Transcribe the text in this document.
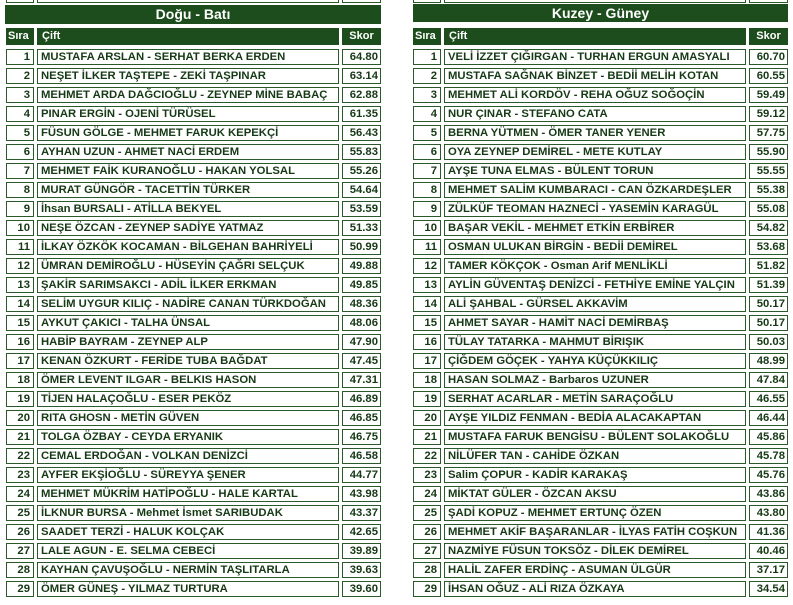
Doğu - Batı
Sıra	Çift	Skor
1 MUSTAFA ARSLAN - SERHAT BERKA ERDEN	64.80
2 NEŞET İLKER TAŞTEPE - ZEKİ TAŞPINAR	63.14
3 MEHMET ARDA DAĞCIOĞLU - ZEYNEP MİNE BABAÇ	62.88
4 PINAR ERGİN - OJENİ TÜRÜSEL	61.35
5 FÜSUN GÖLGE - MEHMET FARUK KEPEKÇİ	56.43
6 AYHAN UZUN - AHMET NACİ ERDEM	55.83
7 MEHMET FAİK KURANOĞLU - HAKAN YOLSAL	55.26
8 MURAT GÜNGÖR - TACETTİN TÜRKER	54.64
9 İhsan BURSALI - ATİLLA BEKYEL	53.59
10 NEŞE ÖZCAN - ZEYNEP SADİYE YATMAZ	51.33
11 İLKAY ÖZKÖK KOCAMAN - BİLGEHAN BAHRİYELİ	50.99
12 ÜMRAN DEMİROĞLU - HÜSEYİN ÇAĞRI SELÇUK	49.88
13 ŞAKİR SARIMSAKCI - ADİL İLKER ERKMAN	49.85
14 SELİM UYGUR KILIÇ - NADİRE CANAN TÜRKDOĞAN	48.36
15 AYKUT ÇAKICI - TALHA ÜNSAL	48.06
16 HABİP BAYRAM - ZEYNEP ALP	47.90
17 KENAN ÖZKURT - FERİDE TUBA BAĞDAT	47.45
18 ÖMER LEVENT ILGAR - BELKIS HASON	47.31
19 TİJEN HALAÇOĞLU - ESER PEKÖZ	46.89
20 RITA GHOSN - METİN GÜVEN	46.85
21 TOLGA ÖZBAY - CEYDA ERYANIK	46.75
22 CEMAL ERDOĞAN - VOLKAN DENİZCİ	46.58
23 AYFER EKŞİOĞLU - SÜREYYA ŞENER	44.77
24 MEHMET MÜKRİM HATİPOĞLU - HALE KARTAL	43.98
25 İLKNUR BURSA - Mehmet İsmet SARIBUDAK	43.37
26 SAADET TERZİ - HALUK KOLÇAK	42.65
27 LALE AGUN - E. SELMA CEBECİ	39.89
28 KAYHAN ÇAVUŞOĞLU - NERMİN TAŞLITARLA	39.63
29 ÖMER GÜNEŞ - YILMAZ TURTURA	39.60
Kuzey - Güney
Sıra	Çift	Skor
1 VELİ İZZET ÇIĞIRGAN - TURHAN ERGUN AMASYALI	60.70
2 MUSTAFA SAĞNAK BİNZET - BEDİİ MELİH KOTAN	60.55
3 MEHMET ALİ KORDÖV - REHA OĞUZ SOĞOÇİN	59.49
4 NUR ÇINAR - STEFANO CATA	59.12
5 BERNA YÜTMEN - ÖMER TANER YENER	57.75
6 OYA ZEYNEP DEMİREL - METE KUTLAY	55.90
7 AYŞE TUNA ELMAS - BÜLENT TORUN	55.55
8 MEHMET SALİM KUMBARACI - CAN ÖZKARDEŞLER	55.38
9 ZÜLKÜF TEOMAN HAZNECİ - YASEMİN KARAGÜL	55.08
10 BAŞAR VEKİL - MEHMET ETKİN ERBİRER	54.82
11 OSMAN ULUKAN BİRGİN - BEDİİ DEMİREL	53.68
12 TAMER KÖKÇOK - Osman Arif MENLİKLİ	51.82
13 AYLİN GÜVENTAŞ DENİZCİ - FETHİYE EMİNE YALÇIN	51.39
14 ALİ ŞAHBAL - GÜRSEL AKKAVİM	50.17
15 AHMET SAYAR - HAMİT NACİ DEMİRBAŞ	50.17
16 TÜLAY TATARKA - MAHMUT BİRIŞIK	50.03
17 ÇİĞDEM GÖÇEK - YAHYA KÜÇÜKKILIÇ	48.99
18 HASAN SOLMAZ - Barbaros UZUNER	47.84
19 SERHAT ACARLAR - METİN SARAÇOĞLU	46.55
20 AYŞE YILDIZ FENMAN - BEDİA ALACAKAPTAN	46.44
21 MUSTAFA FARUK BENGİSU - BÜLENT SOLAKOĞLU	45.86
22 NİLÜFER TAN - CAHİDE ÖZKAN	45.78
23 Salim ÇOPUR - KADİR KARAKAŞ	45.76
24 MİKTAT GÜLER - ÖZCAN AKSU	43.86
25 ŞADİ KOPUZ - MEHMET ERTUNÇ ÖZEN	43.80
26 MEHMET AKİF BAŞARANLAR - İLYAS FATİH COŞKUN	41.36
27 NAZMİYE FÜSUN TOKSÖZ - DİLEK DEMİREL	40.46
28 HALİL ZAFER ERDİNÇ - ASUMAN ÜLGÜR	37.17
29 İHSAN OĞUZ - ALİ RIZA ÖZKAYA	34.54
